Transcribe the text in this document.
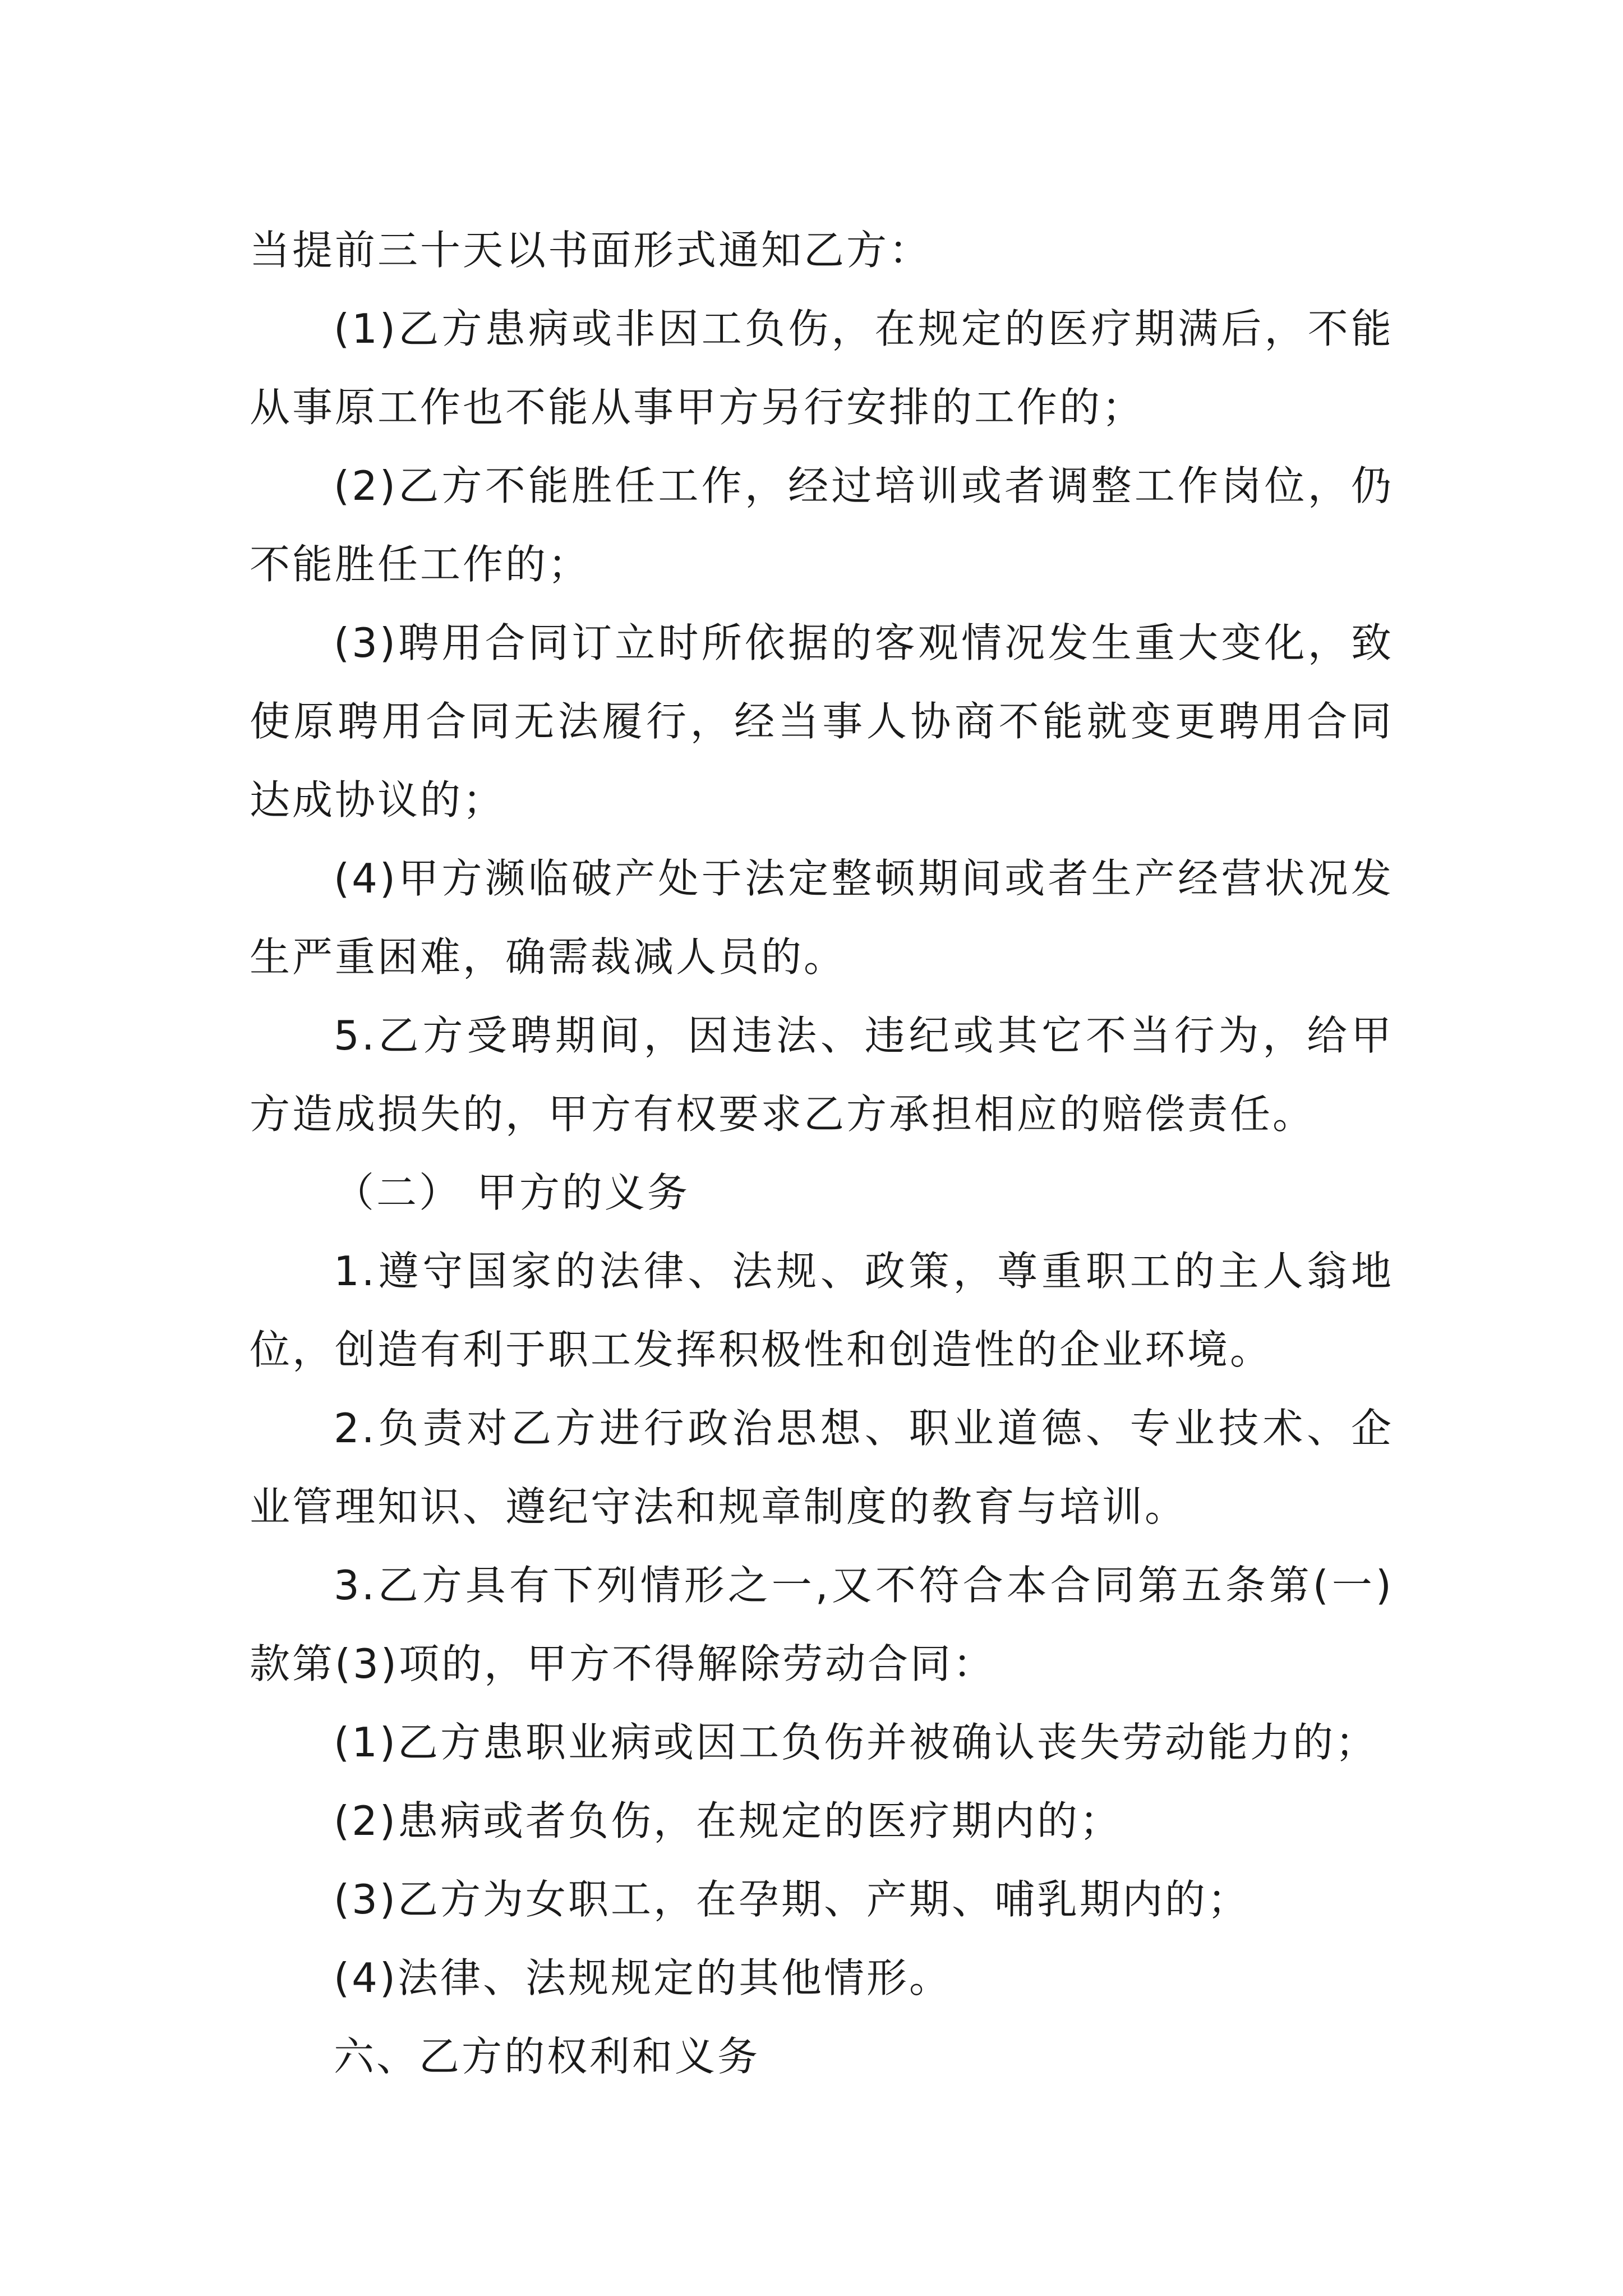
当提前三十天以书面形式通知乙方：

(1)乙方患病或非因工负伤，在规定的医疗期满后，不能从事原工作也不能从事甲方另行安排的工作的；

(2)乙方不能胜任工作，经过培训或者调整工作岗位，仍不能胜任工作的；

(3)聘用合同订立时所依据的客观情况发生重大变化，致使原聘用合同无法履行，经当事人协商不能就变更聘用合同达成协议的；

(4)甲方濒临破产处于法定整顿期间或者生产经营状况发生严重困难，确需裁减人员的。

5.乙方受聘期间，因违法、违纪或其它不当行为，给甲方造成损失的，甲方有权要求乙方承担相应的赔偿责任。

（二） 甲方的义务

1.遵守国家的法律、法规、政策，尊重职工的主人翁地位，创造有利于职工发挥积极性和创造性的企业环境。

2.负责对乙方进行政治思想、职业道德、专业技术、企业管理知识、遵纪守法和规章制度的教育与培训。

3.乙方具有下列情形之一,又不符合本合同第五条第(一)款第(3)项的，甲方不得解除劳动合同：

(1)乙方患职业病或因工负伤并被确认丧失劳动能力的；

(2)患病或者负伤，在规定的医疗期内的；

(3)乙方为女职工，在孕期、产期、哺乳期内的；

(4)法律、法规规定的其他情形。

六、乙方的权利和义务
